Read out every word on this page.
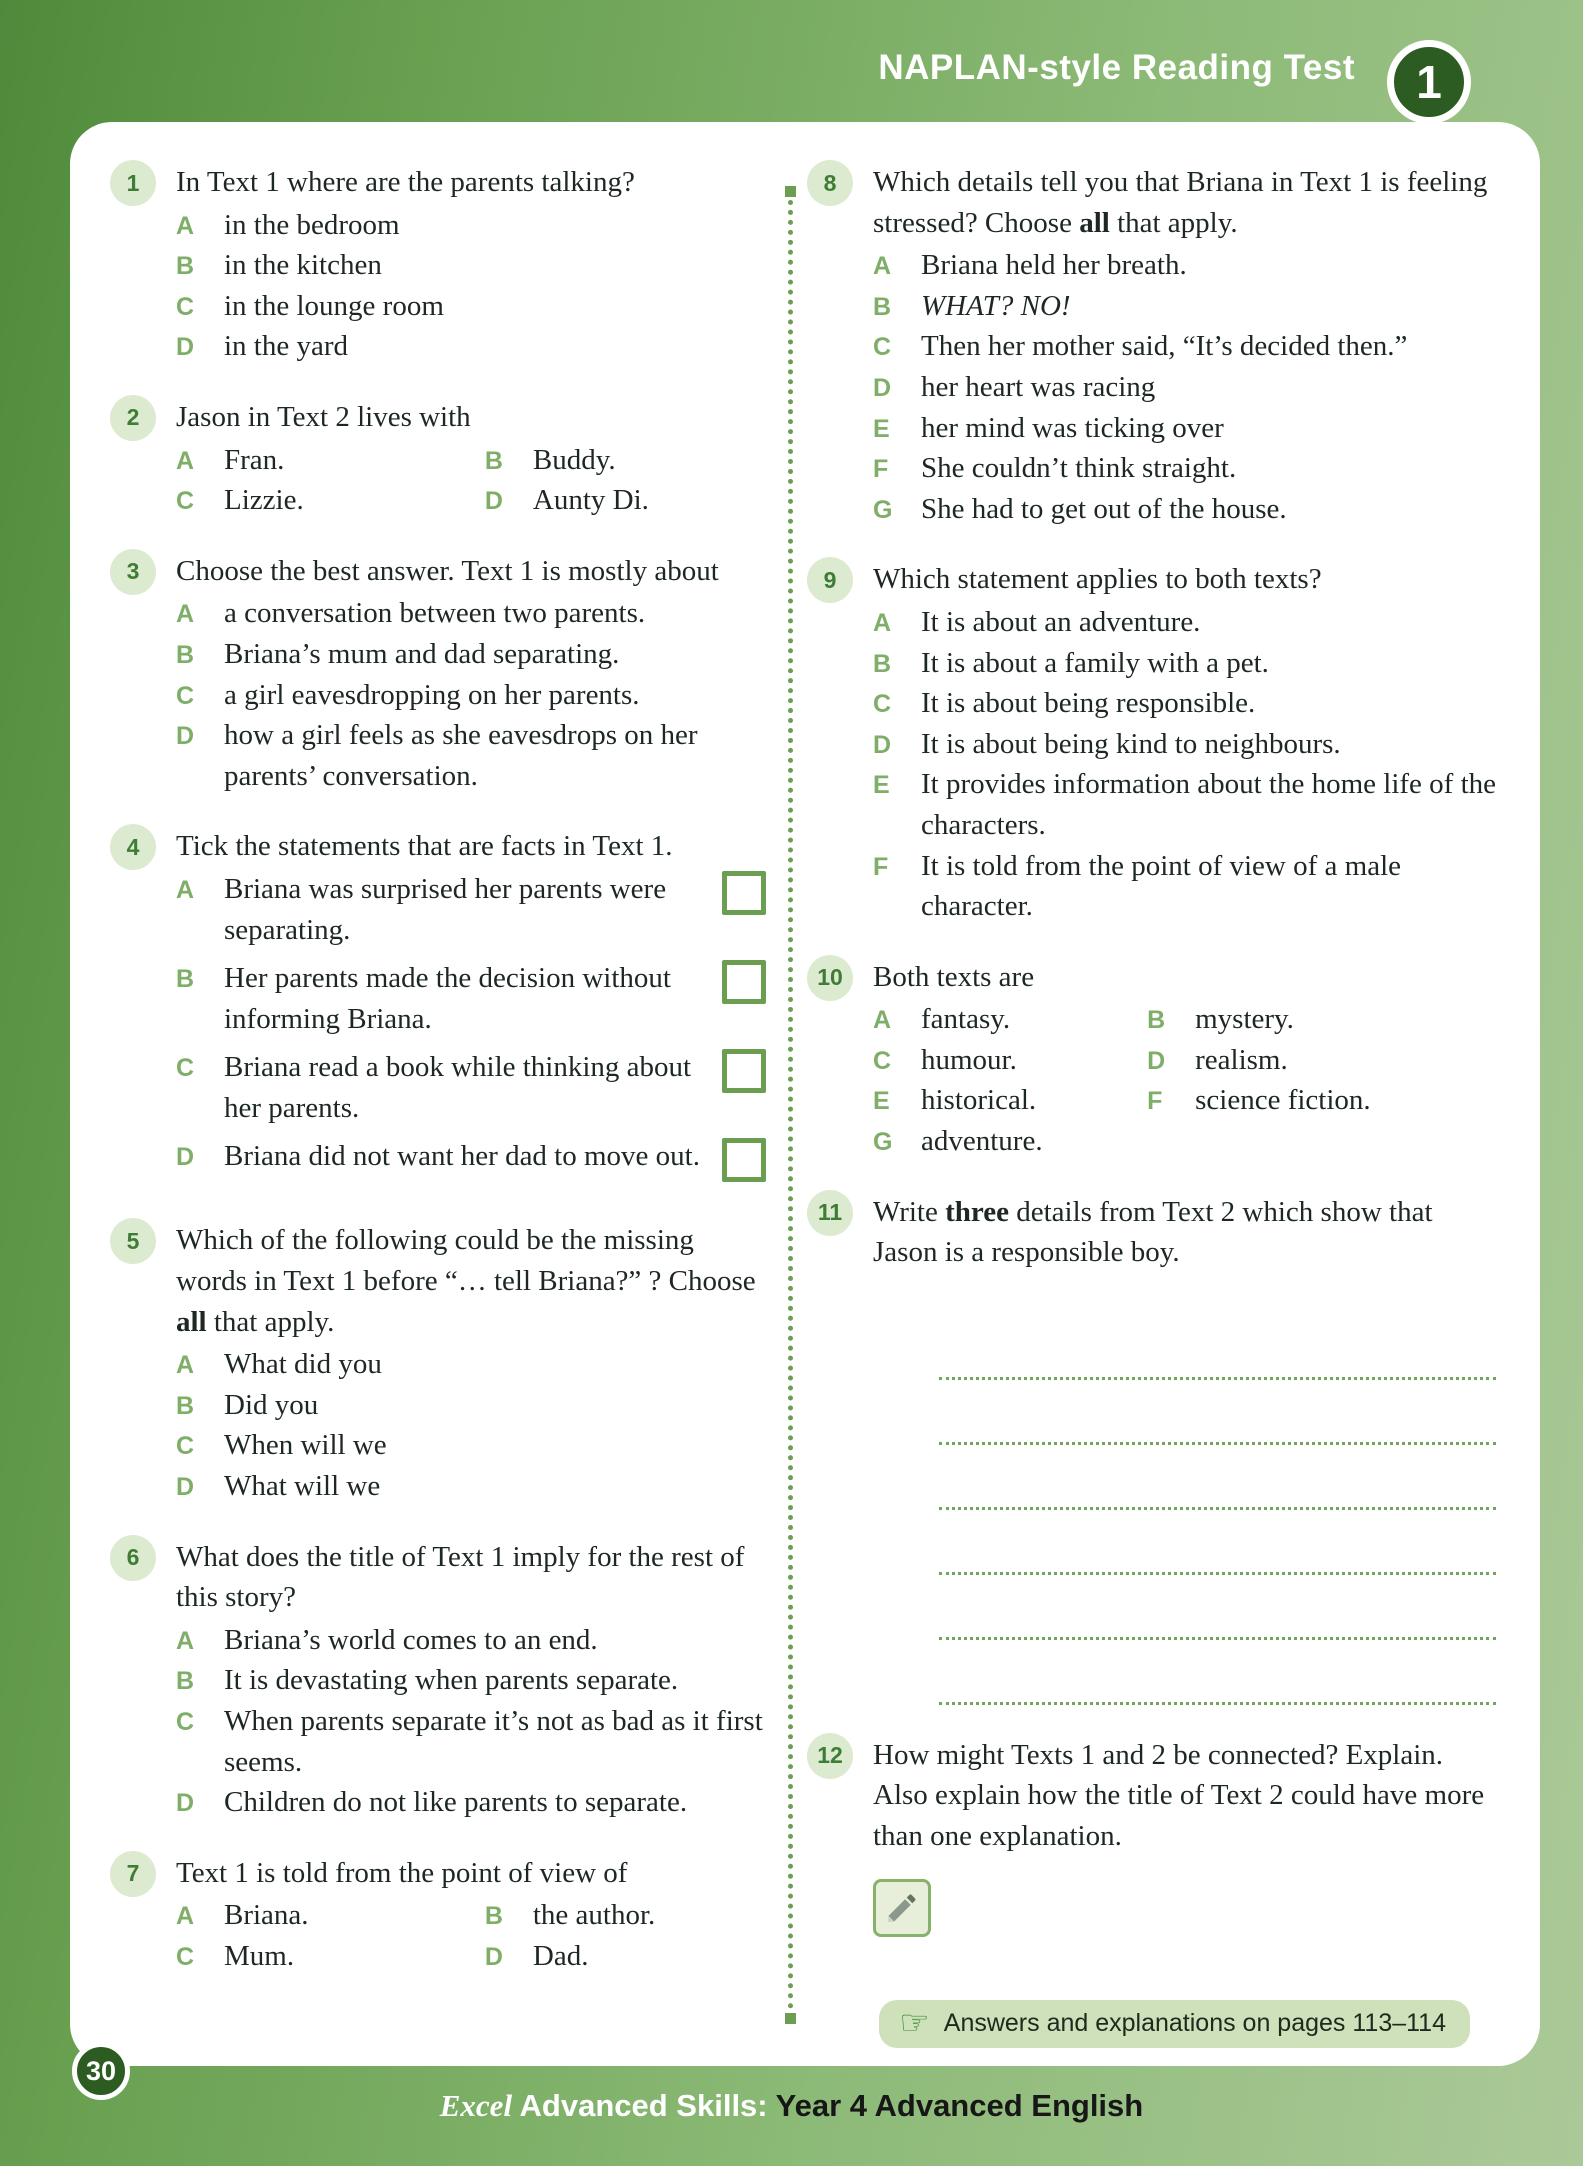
NAPLAN-style Reading Test	1
1	In Text 1 where are the parents talking?
A	in the bedroom
B	in the kitchen
C	in the lounge room
D	in the yard
2	Jason in Text 2 lives with
A	Fran.	B	Buddy.
C	Lizzie.	D	Aunty Di.
3	Choose the best answer. Text 1 is mostly about
A	a conversation between two parents.
B	Briana’s mum and dad separating.
C	a girl eavesdropping on her parents.
D	how a girl feels as she eavesdrops on her parents’ conversation.
4	Tick the statements that are facts in Text 1.
A	Briana was surprised her parents were separating.
B	Her parents made the decision without informing Briana.
C	Briana read a book while thinking about her parents.
D	Briana did not want her dad to move out.
5	Which of the following could be the missing words in Text 1 before “… tell Briana?” ? Choose all that apply.
A	What did you
B	Did you
C	When will we
D	What will we
6	What does the title of Text 1 imply for the rest of this story?
A	Briana’s world comes to an end.
B	It is devastating when parents separate.
C	When parents separate it’s not as bad as it first seems.
D	Children do not like parents to separate.
7	Text 1 is told from the point of view of
A	Briana.	B	the author.
C	Mum.	D	Dad.
8	Which details tell you that Briana in Text 1 is feeling stressed? Choose all that apply.
A	Briana held her breath.
B	WHAT? NO!
C	Then her mother said, “It’s decided then.”
D	her heart was racing
E	her mind was ticking over
F	She couldn’t think straight.
G She had to get out of the house.
9	Which statement applies to both texts?
A	It is about an adventure.
B	It is about a family with a pet.
C	It is about being responsible.
D	It is about being kind to neighbours.
E	It provides information about the home life of the characters.
F	It is told from the point of view of a male character.
10	Both texts are
A	fantasy.	B	mystery.
C	humour.	D	realism.
E	historical.	F	science fiction.
G adventure.
11	Write three details from Text 2 which show that Jason is a responsible boy.
12	How might Texts 1 and 2 be connected? Explain. Also explain how the title of Text 2 could have more than one explanation.
☞ Answers and explanations on pages 113–114
30
Excel Advanced Skills: Year 4 Advanced English
